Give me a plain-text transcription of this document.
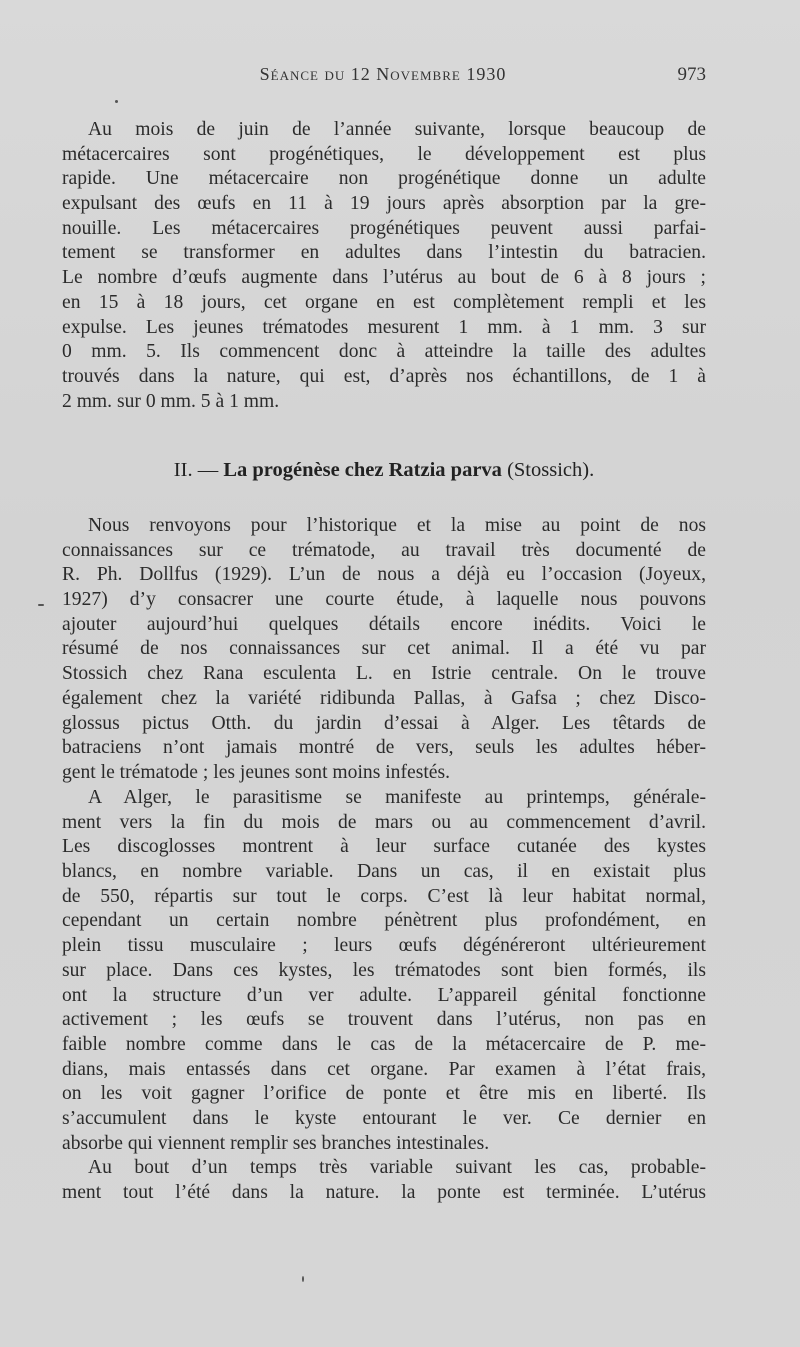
Séance du 12 Novembre 1930	973
Au mois de juin de l’année suivante, lorsque beaucoup de
métacercaires sont progénétiques, le développement est plus
rapide. Une métacercaire non progénétique donne un adulte
expulsant des œufs en 11 à 19 jours après absorption par la gre-
nouille. Les métacercaires progénétiques peuvent aussi parfai-
tement se transformer en adultes dans l’intestin du batracien.
Le nombre d’œufs augmente dans l’utérus au bout de 6 à 8 jours ;
en 15 à 18 jours, cet organe en est complètement rempli et les
expulse. Les jeunes trématodes mesurent 1 mm. à 1 mm. 3 sur
0 mm. 5. Ils commencent donc à atteindre la taille des adultes
trouvés dans la nature, qui est, d’après nos échantillons, de 1 à
2 mm. sur 0 mm. 5 à 1 mm.
II. — La progénèse chez Ratzia parva (Stossich).
Nous renvoyons pour l’historique et la mise au point de nos
connaissances sur ce trématode, au travail très documenté de
R. Ph. Dollfus (1929). L’un de nous a déjà eu l’occasion (Joyeux,
1927) d’y consacrer une courte étude, à laquelle nous pouvons
ajouter aujourd’hui quelques détails encore inédits. Voici le
résumé de nos connaissances sur cet animal. Il a été vu par
Stossich chez Rana esculenta L. en Istrie centrale. On le trouve
également chez la variété ridibunda Pallas, à Gafsa ; chez Disco-
glossus pictus Otth. du jardin d’essai à Alger. Les têtards de
batraciens n’ont jamais montré de vers, seuls les adultes héber-
gent le trématode ; les jeunes sont moins infestés.
A Alger, le parasitisme se manifeste au printemps, générale-
ment vers la fin du mois de mars ou au commencement d’avril.
Les discoglosses montrent à leur surface cutanée des kystes
blancs, en nombre variable. Dans un cas, il en existait plus
de 550, répartis sur tout le corps. C’est là leur habitat normal,
cependant un certain nombre pénètrent plus profondément, en
plein tissu musculaire ; leurs œufs dégénéreront ultérieurement
sur place. Dans ces kystes, les trématodes sont bien formés, ils
ont la structure d’un ver adulte. L’appareil génital fonctionne
activement ; les œufs se trouvent dans l’utérus, non pas en
faible nombre comme dans le cas de la métacercaire de P. me-
dians, mais entassés dans cet organe. Par examen à l’état frais,
on les voit gagner l’orifice de ponte et être mis en liberté. Ils
s’accumulent dans le kyste entourant le ver. Ce dernier en
absorbe qui viennent remplir ses branches intestinales.
Au bout d’un temps très variable suivant les cas, probable-
ment tout l’été dans la nature. la ponte est terminée. L’utérus
